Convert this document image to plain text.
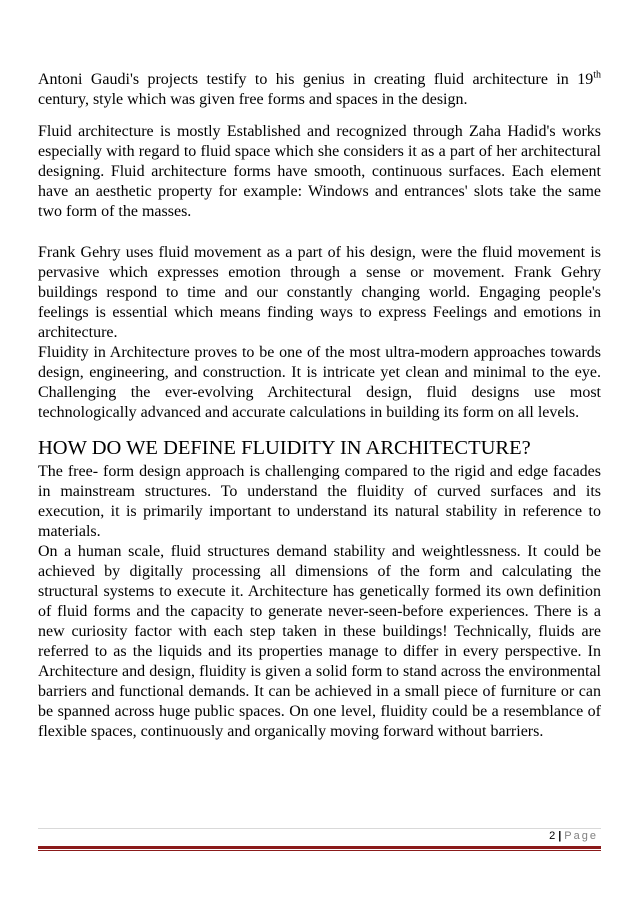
Antoni Gaudi's projects testify to his genius in creating fluid architecture in 19th century, style which was given free forms and spaces in the design.

Fluid architecture is mostly Established and recognized through Zaha Hadid's works especially with regard to fluid space which she considers it as a part of her architectural designing. Fluid architecture forms have smooth, continuous surfaces. Each element have an aesthetic property for example: Windows and entrances' slots take the same two form of the masses.

Frank Gehry uses fluid movement as a part of his design, were the fluid movement is pervasive which expresses emotion through a sense or movement. Frank Gehry buildings respond to time and our constantly changing world. Engaging people's feelings is essential which means finding ways to express Feelings and emotions in architecture.

Fluidity in Architecture proves to be one of the most ultra-modern approaches towards design, engineering, and construction. It is intricate yet clean and minimal to the eye. Challenging the ever-evolving Architectural design, fluid designs use most technologically advanced and accurate calculations in building its form on all levels.

HOW DO WE DEFINE FLUIDITY IN ARCHITECTURE?

The free- form design approach is challenging compared to the rigid and edge facades in mainstream structures. To understand the fluidity of curved surfaces and its execution, it is primarily important to understand its natural stability in reference to materials.

On a human scale, fluid structures demand stability and weightlessness. It could be achieved by digitally processing all dimensions of the form and calculating the structural systems to execute it. Architecture has genetically formed its own definition of fluid forms and the capacity to generate never-seen-before experiences. There is a new curiosity factor with each step taken in these buildings! Technically, fluids are referred to as the liquids and its properties manage to differ in every perspective. In Architecture and design, fluidity is given a solid form to stand across the environmental barriers and functional demands. It can be achieved in a small piece of furniture or can be spanned across huge public spaces. On one level, fluidity could be a resemblance of flexible spaces, continuously and organically moving forward without barriers.

2 | Page
